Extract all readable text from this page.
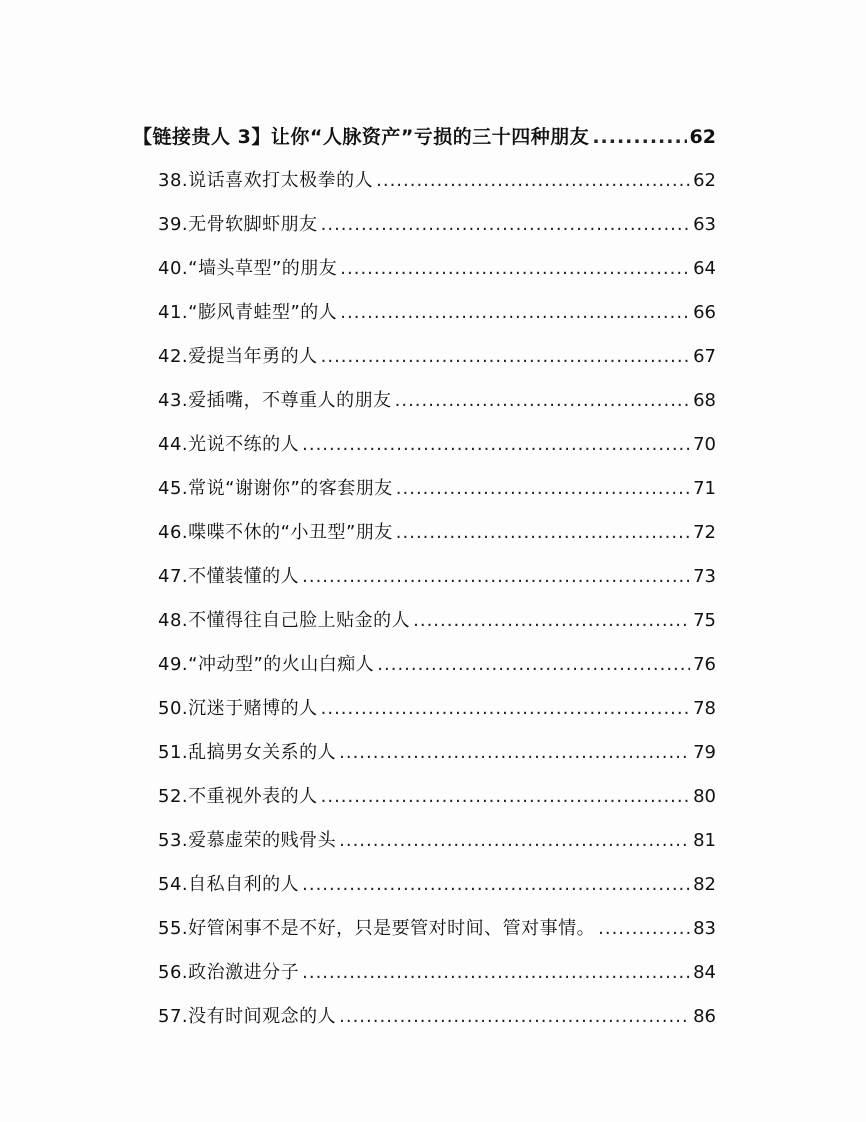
【链接贵人 3】让你“人脉资产”亏损的三十四种朋友 .....	62
38.说话喜欢打太极拳的人 .....	62
39.无骨软脚虾朋友 .....	63
40.“墙头草型”的朋友 .....	64
41.“膨风青蛙型”的人 .....	66
42.爱提当年勇的人 .....	67
43.爱插嘴，不尊重人的朋友 .....	68
44.光说不练的人 .....	70
45.常说“谢谢你”的客套朋友 .....	71
46.喋喋不休的“小丑型”朋友 .....	72
47.不懂装懂的人 .....	73
48.不懂得往自己脸上贴金的人 .....	75
49.“冲动型”的火山白痴人 .....	76
50.沉迷于赌博的人 .....	78
51.乱搞男女关系的人 .....	79
52.不重视外表的人 .....	80
53.爱慕虚荣的贱骨头 .....	81
54.自私自利的人 .....	82
55.好管闲事不是不好，只是要管对时间、管对事情。 .....	83
56.政治激进分子 .....	84
57.没有时间观念的人 .....	86
